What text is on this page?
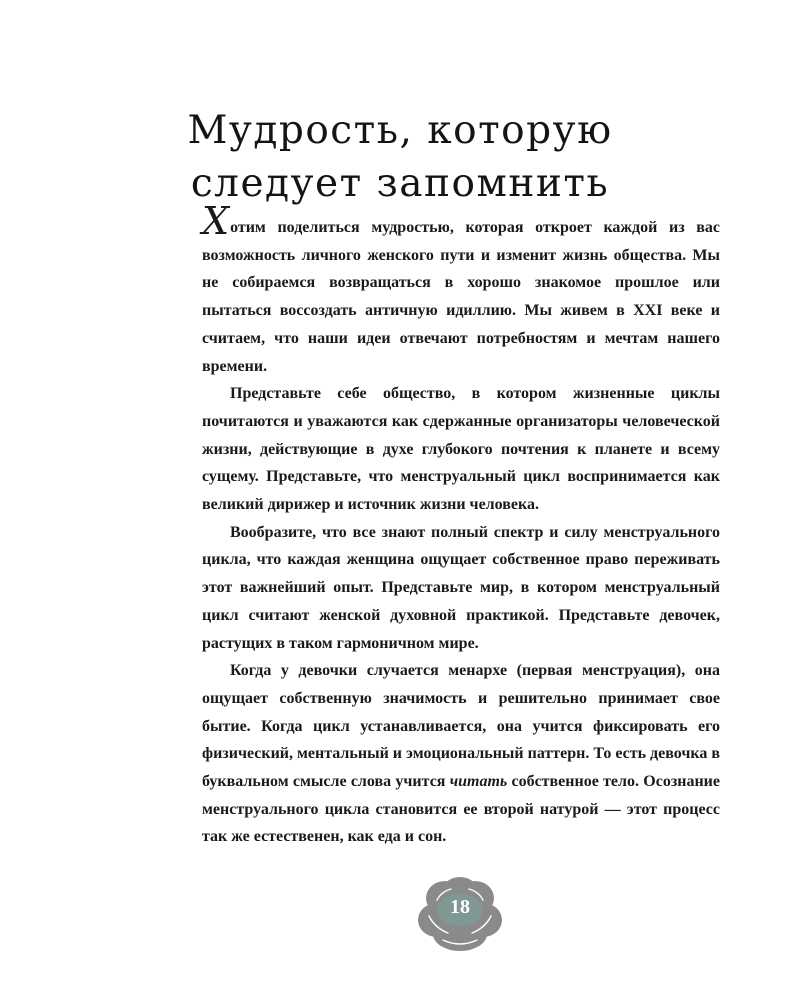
Мудрость, которую
следует запомнить

Хотим поделиться мудростью, которая откроет каждой из вас возможность личного женского пути и изменит жизнь общества. Мы не собираемся возвращаться в хорошо знакомое прошлое или пытаться воссоздать античную идиллию. Мы живем в XXI веке и считаем, что наши идеи отвечают потребностям и мечтам нашего времени.

Представьте себе общество, в котором жизненные циклы почитаются и уважаются как сдержанные организаторы человеческой жизни, действующие в духе глубокого почтения к планете и всему сущему. Представьте, что менструальный цикл воспринимается как великий дирижер и источник жизни человека.

Вообразите, что все знают полный спектр и силу менструального цикла, что каждая женщина ощущает собственное право переживать этот важнейший опыт. Представьте мир, в котором менструальный цикл считают женской духовной практикой. Представьте девочек, растущих в таком гармоничном мире.

Когда у девочки случается менархе (первая менструация), она ощущает собственную значимость и решительно принимает свое бытие. Когда цикл устанавливается, она учится фиксировать его физический, ментальный и эмоциональный паттерн. То есть девочка в буквальном смысле слова учится читать собственное тело. Осознание менструального цикла становится ее второй натурой — этот процесс так же естественен, как еда и сон.

18
